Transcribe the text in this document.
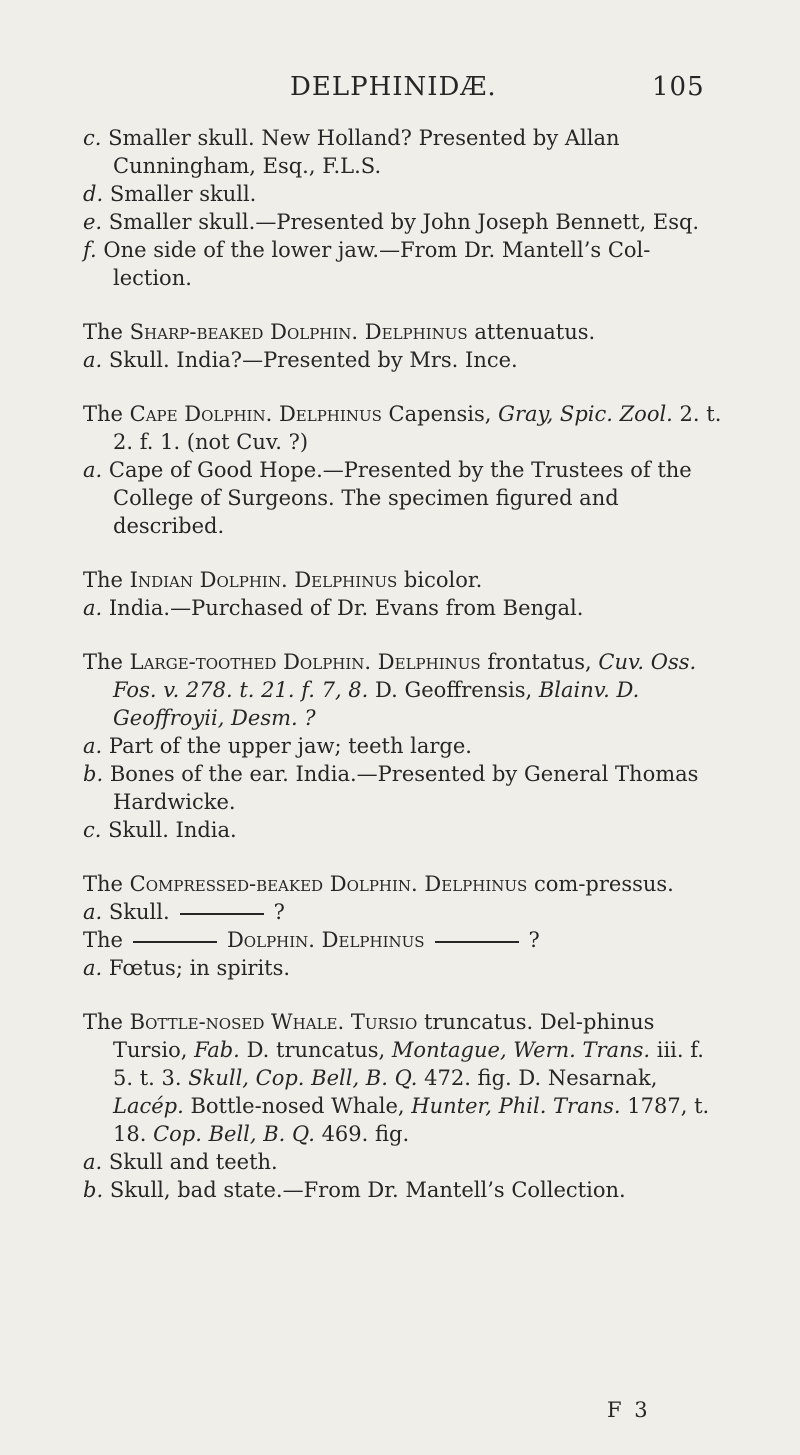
DELPHINIDÆ.	105

c. Smaller skull. New Holland? Presented by Allan Cunningham, Esq., F.L.S.

d. Smaller skull.

e. Smaller skull.—Presented by John Joseph Bennett, Esq.

f. One side of the lower jaw.—From Dr. Mantell’s Col-lection.

The Sharp-beaked Dolphin. Delphinus attenuatus.

a. Skull. India?—Presented by Mrs. Ince.

The Cape Dolphin. Delphinus Capensis, Gray, Spic. Zool. 2. t. 2. f. 1. (not Cuv. ?)

a. Cape of Good Hope.—Presented by the Trustees of the College of Surgeons. The specimen figured and described.

The Indian Dolphin. Delphinus bicolor.

a. India.—Purchased of Dr. Evans from Bengal.

The Large-toothed Dolphin. Delphinus frontatus, Cuv. Oss. Fos. v. 278. t. 21. f. 7, 8. D. Geoffrensis, Blainv. D. Geoffroyii, Desm. ?

a. Part of the upper jaw; teeth large.

b. Bones of the ear. India.—Presented by General Thomas Hardwicke.

c. Skull. India.

The Compressed-beaked Dolphin. Delphinus com-pressus.

a. Skull.	?

The	Dolphin. Delphinus	?

a. Fœtus; in spirits.

The Bottle-nosed Whale. Tursio truncatus. Del-phinus Tursio, Fab. D. truncatus, Montague, Wern. Trans. iii. f. 5. t. 3. Skull, Cop. Bell, B. Q. 472. fig. D. Nesarnak, Lacép. Bottle-nosed Whale, Hunter, Phil. Trans. 1787, t. 18. Cop. Bell, B. Q. 469. fig.

a. Skull and teeth.

b. Skull, bad state.—From Dr. Mantell’s Collection.

F 3
